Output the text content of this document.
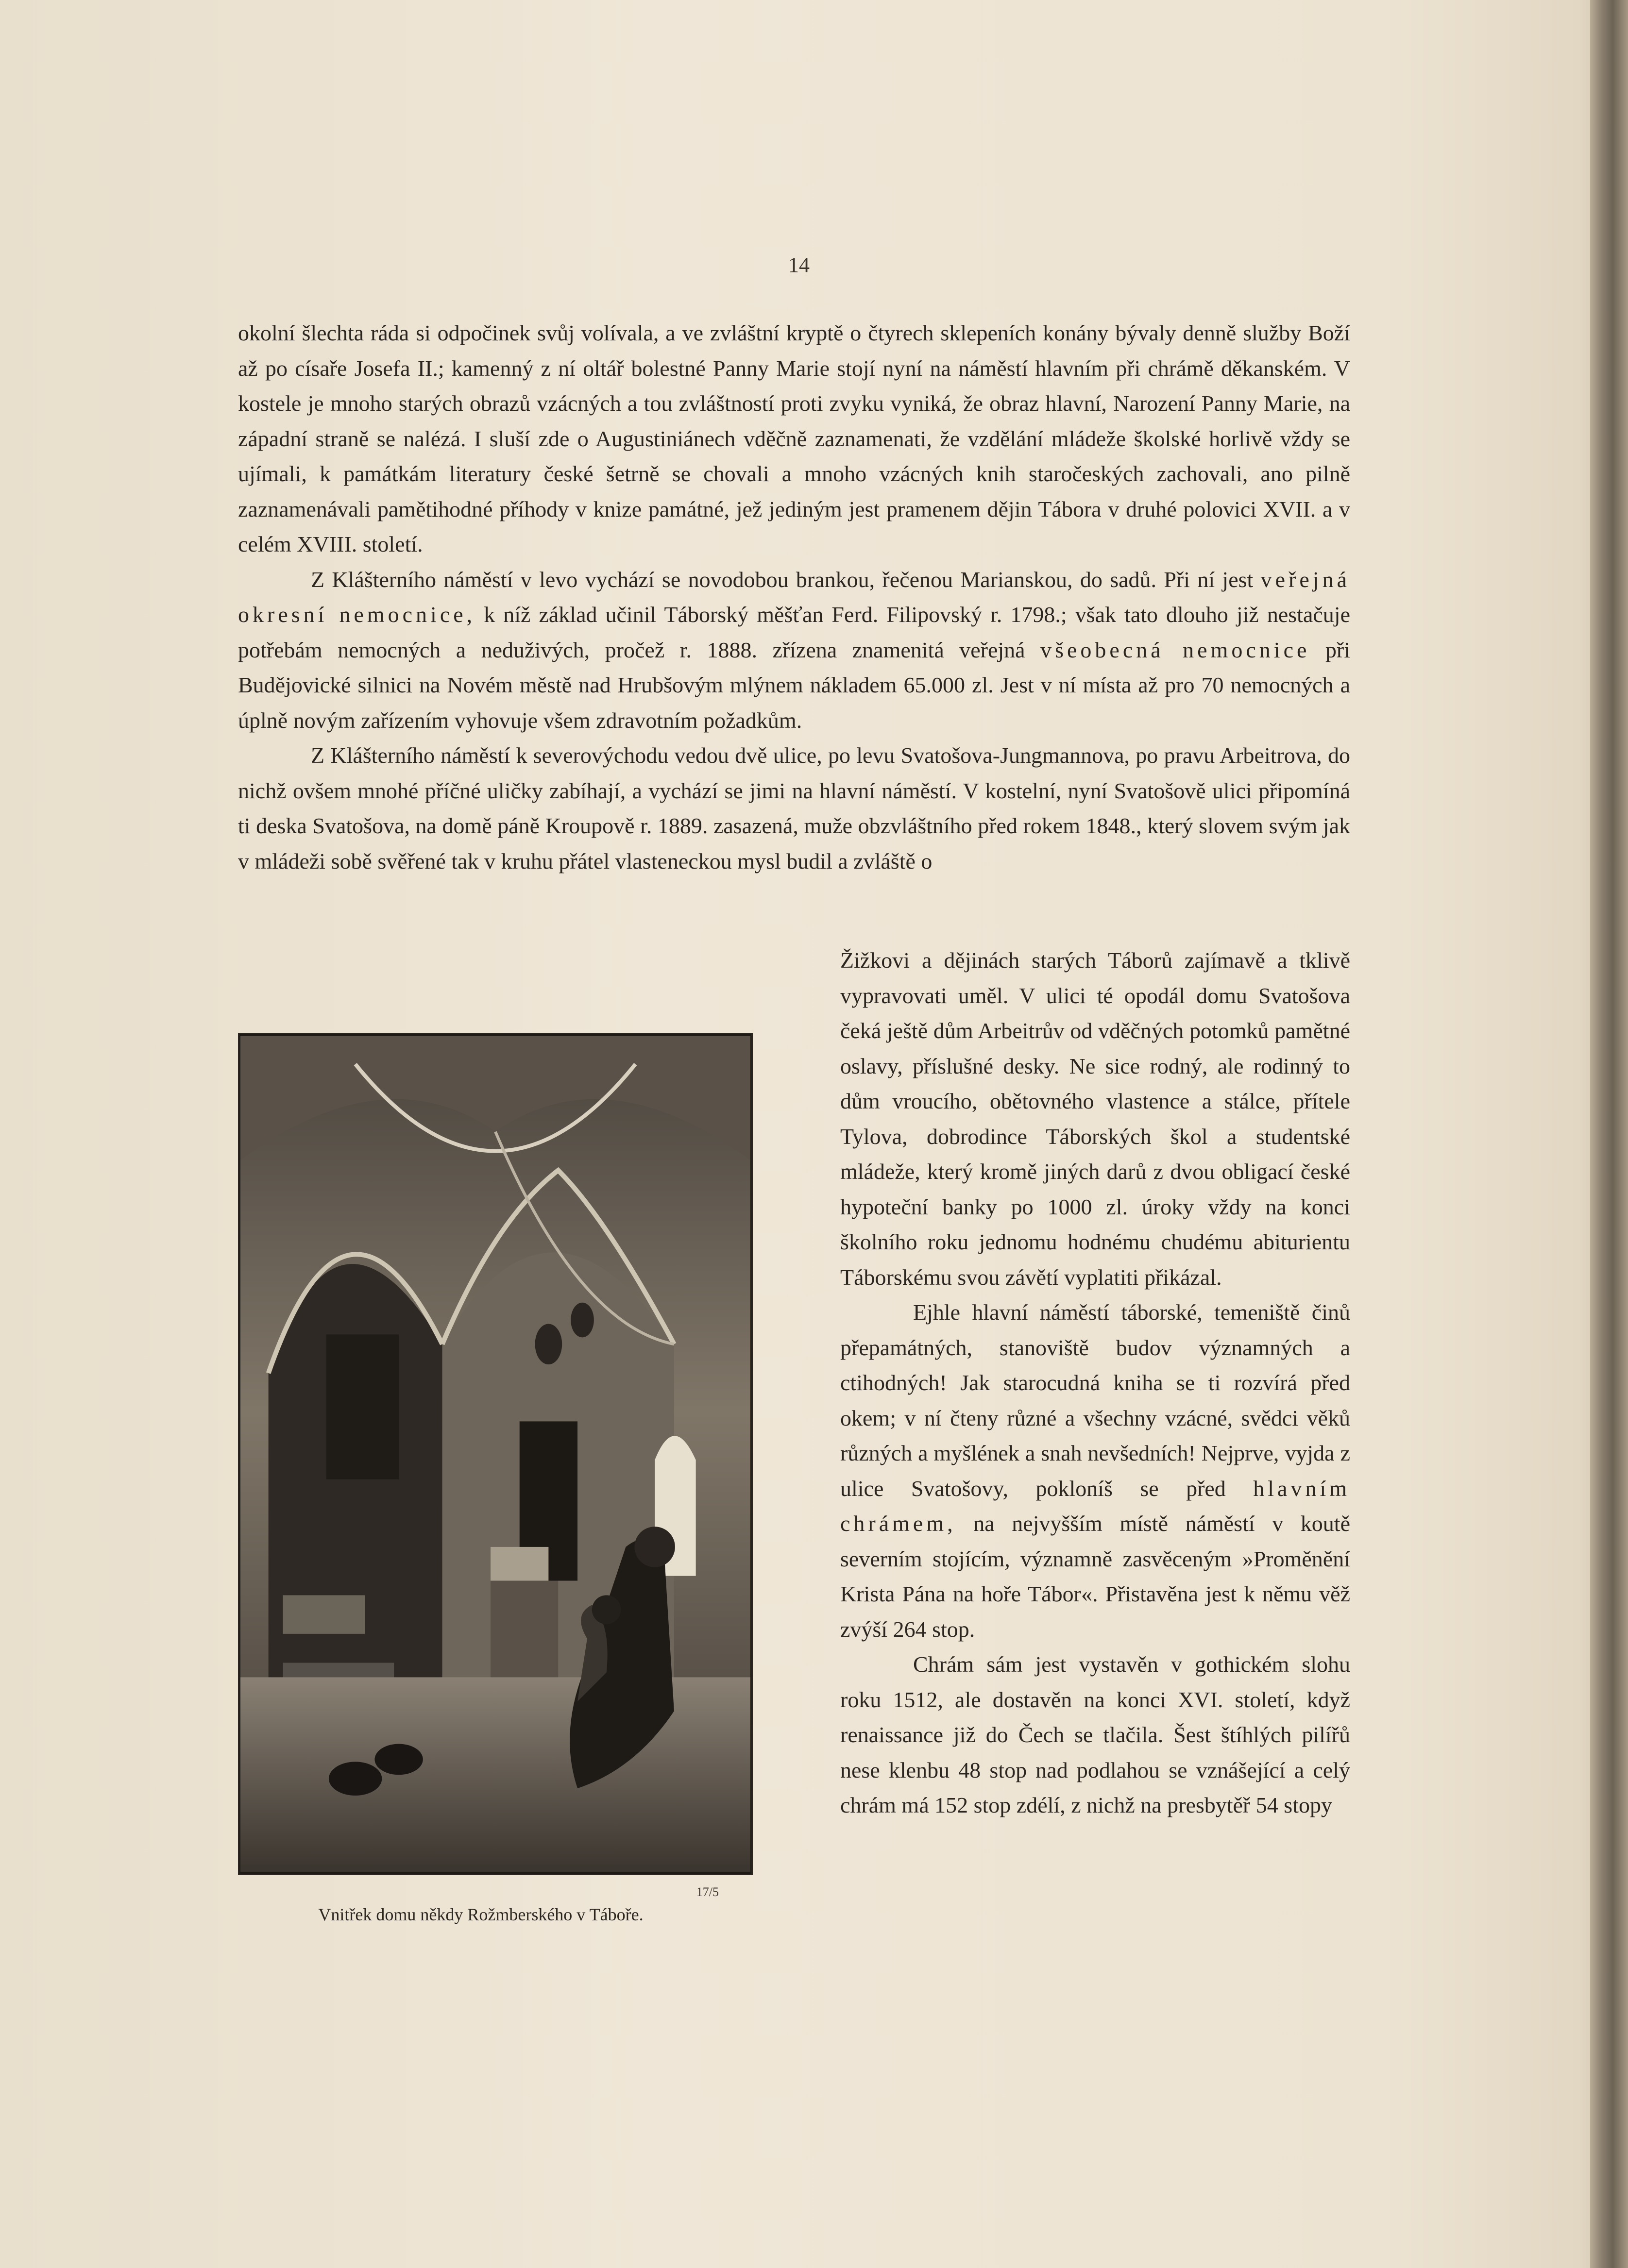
14

okolní šlechta ráda si odpočinek svůj volívala, a ve zvláštní kryptě o čtyrech sklepeních konány bývaly denně služby Boží až po císaře Josefa II.; kamenný z ní oltář bolestné Panny Marie stojí nyní na náměstí hlavním při chrámě děkanském. V kostele je mnoho starých obrazů vzácných a tou zvláštností proti zvyku vyniká, že obraz hlavní, Narození Panny Marie, na západní straně se nalézá. I sluší zde o Augustiniánech vděčně zaznamenati, že vzdělání mládeže školské horlivě vždy se ujímali, k památkám literatury české šetrně se chovali a mnoho vzácných knih staročeských zachovali, ano pilně zaznamenávali pamětihodné příhody v knize památné, jež jediným jest pramenem dějin Tábora v druhé polovici XVII. a v celém XVIII. století.

Z Klášterního náměstí v levo vychází se novodobou brankou, řečenou Marianskou, do sadů. Při ní jest veřejná okresní nemocnice, k níž základ učinil Táborský měšťan Ferd. Filipovský r. 1798.; však tato dlouho již nestačuje potřebám nemocných a neduživých, pročež r. 1888. zřízena znamenitá veřejná všeobecná nemocnice při Budějovické silnici na Novém městě nad Hrubšovým mlýnem nákladem 65.000 zl. Jest v ní místa až pro 70 nemocných a úplně novým zařízením vyhovuje všem zdravotním požadkům.

Z Klášterního náměstí k severovýchodu vedou dvě ulice, po levu Svatošova-Jungmannova, po pravu Arbeitrova, do nichž ovšem mnohé příčné uličky zabíhají, a vychází se jimi na hlavní náměstí. V kostelní, nyní Svatošově ulici připomíná ti deska Svatošova, na domě páně Kroupově r. 1889. zasazená, muže obzvláštního před rokem 1848., který slovem svým jak v mládeži sobě svěřené tak v kruhu přátel vlasteneckou mysl budil a zvláště o

17/5
Vnitřek domu někdy Rožmberského v Táboře.

Žižkovi a dějinách starých Táborů zajímavě a tklivě vypravovati uměl. V ulici té opodál domu Svatošova čeká ještě dům Arbeitrův od vděčných potomků pamětné oslavy, příslušné desky. Ne sice rodný, ale rodinný to dům vroucího, obětovného vlastence a stálce, přítele Tylova, dobrodince Táborských škol a studentské mládeže, který kromě jiných darů z dvou obligací české hypoteční banky po 1000 zl. úroky vždy na konci školního roku jednomu hodnému chudému abiturientu Táborskému svou závětí vyplatiti přikázal.

Ejhle hlavní náměstí táborské, temeniště činů přepamátných, stanoviště budov významných a ctihodných! Jak starocudná kniha se ti rozvírá před okem; v ní čteny různé a všechny vzácné, svědci věků různých a myšlének a snah nevšedních! Nejprve, vyjda z ulice Svatošovy, pokloníš se před hlavním chrámem, na nejvyšším místě náměstí v koutě severním stojícím, významně zasvěceným »Proměnění Krista Pána na hoře Tábor«. Přistavěna jest k němu věž zvýší 264 stop.

Chrám sám jest vystavěn v gothickém slohu roku 1512, ale dostavěn na konci XVI. století, když renaissance již do Čech se tlačila. Šest štíhlých pilířů nese klenbu 48 stop nad podlahou se vznášející a celý chrám má 152 stop zdélí, z nichž na presbytěř 54 stopy
